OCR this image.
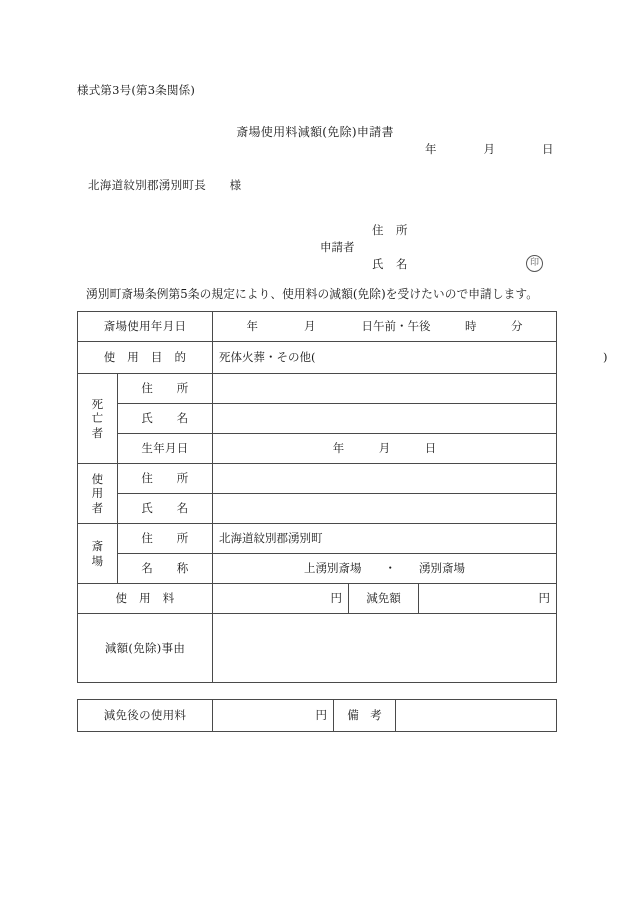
様式第3号(第3条関係)
斎場使用料減額(免除)申請書
年　　　　月　　　　日
北海道紋別郡湧別町長　　様
申請者
住　所
氏　名	印
湧別町斎場条例第5条の規定により、使用料の減額(免除)を受けたいので申請します。
斎場使用年月日		年　　　　月　　　　日午前・午後　　　時　　　分		
使　用　目　的		死体火葬・その他(　　　　　　　　　　　　　　　　　　　　　　　　　)		

死
亡
者	住　　所			
	氏　　名			
	生年月日	年　　　月　　　日		

使
用
者	住　　所			
	氏　　名			

斎
場	住　　所	北海道紋別郡湧別町		
	名　　称	上湧別斎場　　・　　湧別斎場		
使　用　料		円	減免額	円
減額(免除)事由				
減免後の使用料	円	備　考	
